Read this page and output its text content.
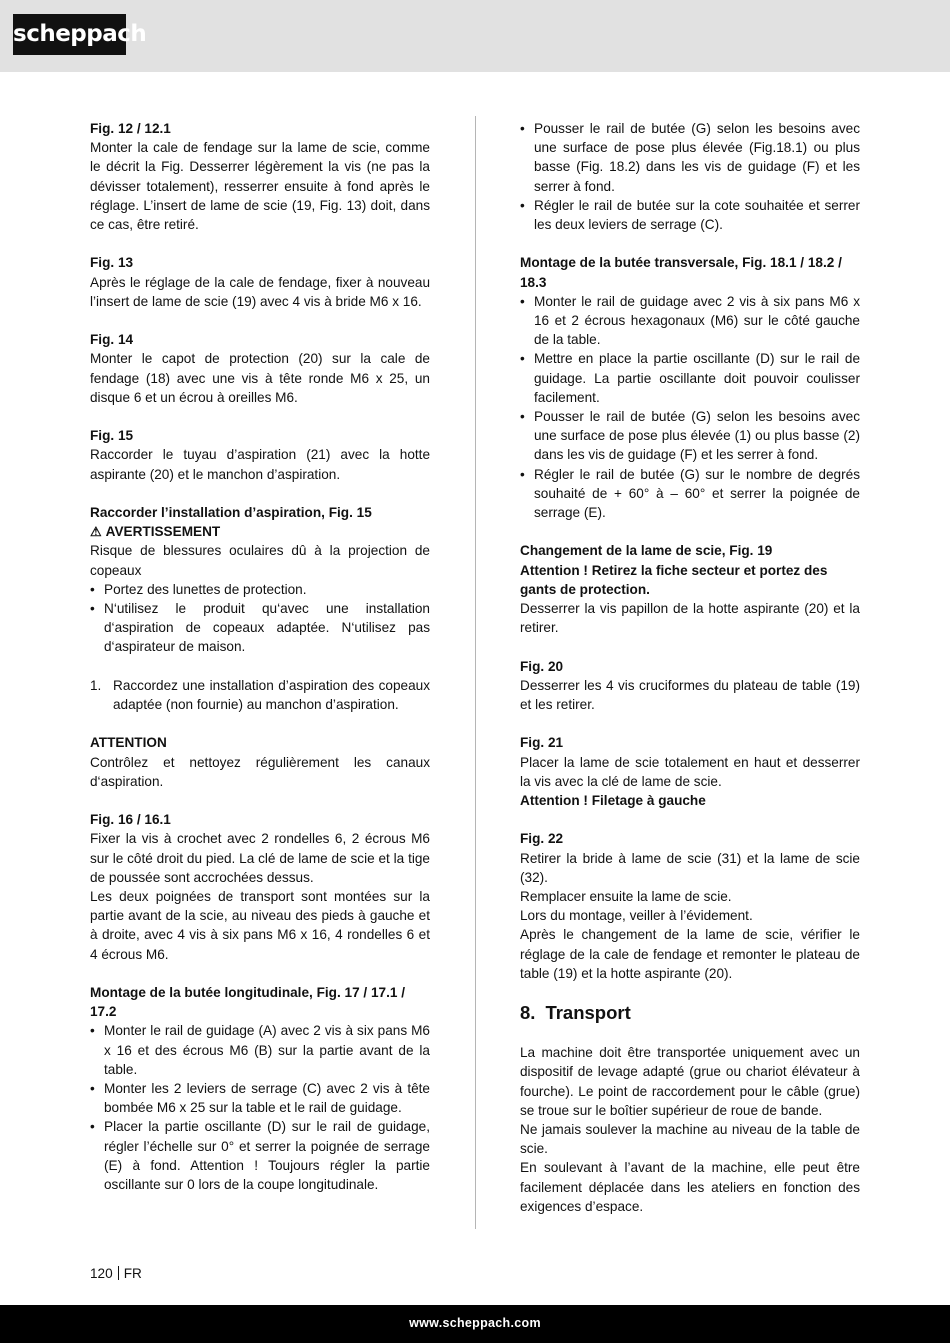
scheppach
Fig. 12 / 12.1

Monter la cale de fendage sur la lame de scie, comme le décrit la Fig. Desserrer légèrement la vis (ne pas la dévisser totalement), resserrer ensuite à fond après le réglage. L’insert de lame de scie (19, Fig. 13) doit, dans ce cas, être retiré.

Fig. 13

Après le réglage de la cale de fendage, fixer à nouveau l’insert de lame de scie (19) avec 4 vis à bride M6 x 16.

Fig. 14

Monter le capot de protection (20) sur la cale de fendage (18) avec une vis à tête ronde M6 x 25, un disque 6 et un écrou à oreilles M6.

Fig. 15

Raccorder le tuyau d’aspiration (21) avec la hotte aspirante (20) et le manchon d’aspiration.

Raccorder l’installation d’aspiration, Fig. 15
⚠ AVERTISSEMENT

Risque de blessures oculaires dû à la projection de copeaux

• Portez des lunettes de protection.
• N‘utilisez le produit qu‘avec une installation d‘aspiration de copeaux adaptée. N‘utilisez pas d‘aspirateur de maison.
1. Raccordez une installation d’aspiration des copeaux adaptée (non fournie) au manchon d’aspiration.
ATTENTION

Contrôlez et nettoyez régulièrement les canaux d‘aspiration.

Fig. 16 / 16.1

Fixer la vis à crochet avec 2 rondelles 6, 2 écrous M6 sur le côté droit du pied. La clé de lame de scie et la tige de poussée sont accrochées dessus.

Les deux poignées de transport sont montées sur la partie avant de la scie, au niveau des pieds à gauche et à droite, avec 4 vis à six pans M6 x 16, 4 rondelles 6 et 4 écrous M6.

Montage de la butée longitudinale, Fig. 17 / 17.1 / 17.2
• Monter le rail de guidage (A) avec 2 vis à six pans M6 x 16 et des écrous M6 (B) sur la partie avant de la table.
• Monter les 2 leviers de serrage (C) avec 2 vis à tête bombée M6 x 25 sur la table et le rail de guidage.
• Placer la partie oscillante (D) sur le rail de guidage, régler l’échelle sur 0° et serrer la poignée de serrage (E) à fond. Attention ! Toujours régler la partie oscillante sur 0 lors de la coupe longitudinale.
• Pousser le rail de butée (G) selon les besoins avec une surface de pose plus élevée (Fig.18.1) ou plus basse (Fig. 18.2) dans les vis de guidage (F) et les serrer à fond.
• Régler le rail de butée sur la cote souhaitée et serrer les deux leviers de serrage (C).
Montage de la butée transversale, Fig. 18.1 / 18.2 / 18.3
• Monter le rail de guidage avec 2 vis à six pans M6 x 16 et 2 écrous hexagonaux (M6) sur le côté gauche de la table.
• Mettre en place la partie oscillante (D) sur le rail de guidage. La partie oscillante doit pouvoir coulisser facilement.
• Pousser le rail de butée (G) selon les besoins avec une surface de pose plus élevée (1) ou plus basse (2) dans les vis de guidage (F) et les serrer à fond.
• Régler le rail de butée (G) sur le nombre de degrés souhaité de + 60° à – 60° et serrer la poignée de serrage (E).
Changement de la lame de scie, Fig. 19
Attention ! Retirez la fiche secteur et portez des gants de protection.

Desserrer la vis papillon de la hotte aspirante (20) et la retirer.

Fig. 20

Desserrer les 4 vis cruciformes du plateau de table (19) et les retirer.

Fig. 21

Placer la lame de scie totalement en haut et desserrer la vis avec la clé de lame de scie.

Attention ! Filetage à gauche
Fig. 22

Retirer la bride à lame de scie (31) et la lame de scie (32).

Remplacer ensuite la lame de scie.

Lors du montage, veiller à l’évidement.

Après le changement de la lame de scie, vérifier le réglage de la cale de fendage et remonter le plateau de table (19) et la hotte aspirante (20).

8. Transport

La machine doit être transportée uniquement avec un dispositif de levage adapté (grue ou chariot élévateur à fourche). Le point de raccordement pour le câble (grue) se troue sur le boîtier supérieur de roue de bande.

Ne jamais soulever la machine au niveau de la table de scie.

En soulevant à l’avant de la machine, elle peut être facilement déplacée dans les ateliers en fonction des exigences d’espace.

120 FR
www.scheppach.com
